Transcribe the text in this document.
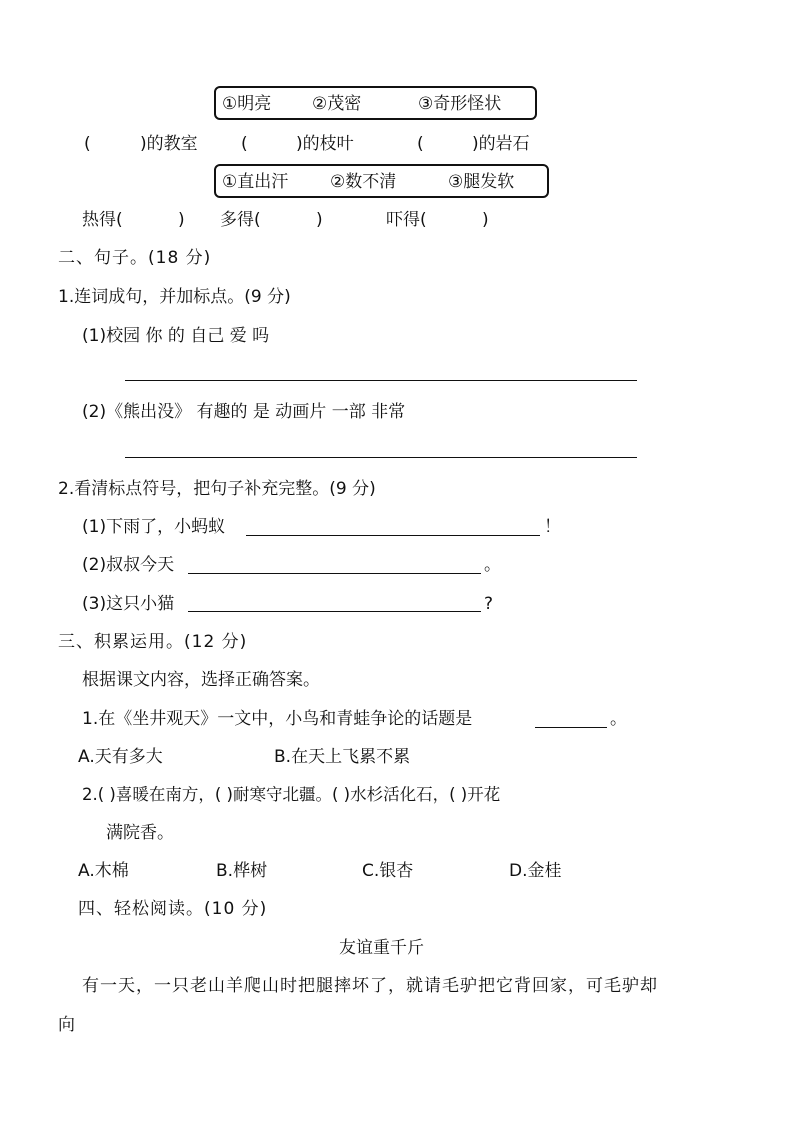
①明亮 ②茂密	③奇形怪状
(	)的教室	(	)的枝叶	(	)的岩石
①直出汗 ②数不清	③腿发软
热得(	) 多得(	)	吓得(	)
二、句子。(18 分)
1.连词成句，并加标点。(9 分)
(1)校园 你 的 自己 爱 吗
(2)《熊出没》 有趣的 是 动画片 一部 非常
2.看清标点符号，把句子补充完整。(9 分)
(1)下雨了，小蚂蚁	！
(2)叔叔今天	。
(3)这只小猫	?
三、积累运用。(12 分)
根据课文内容，选择正确答案。
1.在《坐井观天》一文中，小鸟和青蛙争论的话题是	。
A.天有多大	B.在天上飞累不累
2.( )喜暖在南方，( )耐寒守北疆。( )水杉活化石，( )开花
满院香。
A.木棉	B.桦树	C.银杏	D.金桂
四、轻松阅读。(10 分)
友谊重千斤
有一天，一只老山羊爬山时把腿摔坏了，就请毛驴把它背回家，可毛驴却
向
